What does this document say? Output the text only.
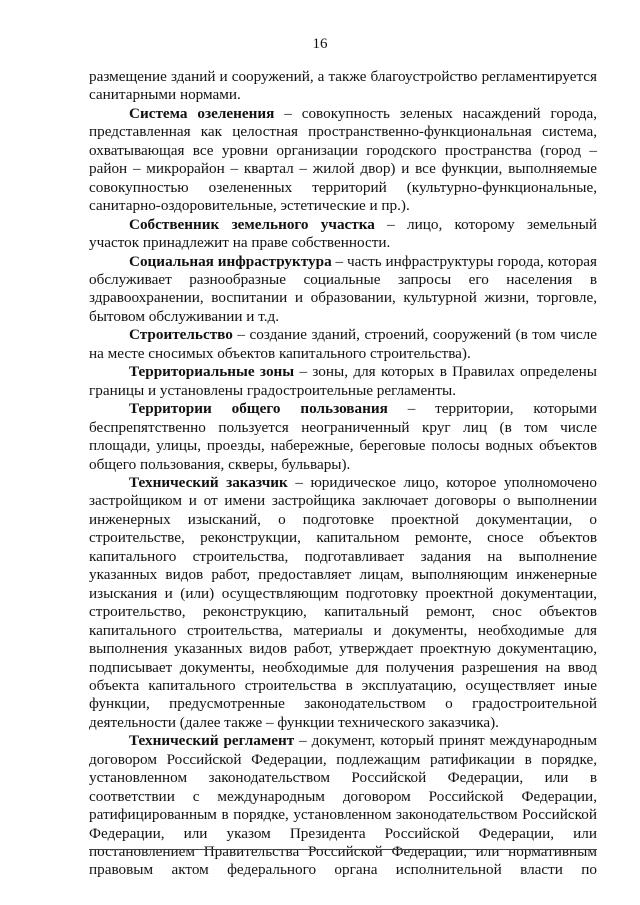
16

размещение зданий и сооружений, а также благоустройство регламентируется санитарными нормами.

Система озеленения – совокупность зеленых насаждений города, представленная как целостная пространственно-функциональная система, охватывающая все уровни организации городского пространства (город – район – микрорайон – квартал – жилой двор) и все функции, выполняемые совокупностью озелененных территорий (культурно-функциональные, санитарно-оздоровительные, эстетические и пр.).

Собственник земельного участка – лицо, которому земельный участок принадлежит на праве собственности.

Социальная инфраструктура – часть инфраструктуры города, которая обслуживает разнообразные социальные запросы его населения в здравоохранении, воспитании и образовании, культурной жизни, торговле, бытовом обслуживании и т.д.

Строительство – создание зданий, строений, сооружений (в том числе на месте сносимых объектов капитального строительства).

Территориальные зоны – зоны, для которых в Правилах определены границы и установлены градостроительные регламенты.

Территории общего пользования – территории, которыми беспрепятственно пользуется неограниченный круг лиц (в том числе площади, улицы, проезды, набережные, береговые полосы водных объектов общего пользования, скверы, бульвары).

Технический заказчик – юридическое лицо, которое уполномочено застройщиком и от имени застройщика заключает договоры о выполнении инженерных изысканий, о подготовке проектной документации, о строительстве, реконструкции, капитальном ремонте, сносе объектов капитального строительства, подготавливает задания на выполнение указанных видов работ, предоставляет лицам, выполняющим инженерные изыскания и (или) осуществляющим подготовку проектной документации, строительство, реконструкцию, капитальный ремонт, снос объектов капитального строительства, материалы и документы, необходимые для выполнения указанных видов работ, утверждает проектную документацию, подписывает документы, необходимые для получения разрешения на ввод объекта капитального строительства в эксплуатацию, осуществляет иные функции, предусмотренные законодательством о градостроительной деятельности (далее также – функции технического заказчика).

Технический регламент – документ, который принят международным договором Российской Федерации, подлежащим ратификации в порядке, установленном законодательством Российской Федерации, или в соответствии с международным договором Российской Федерации, ратифицированным в порядке, установленном законодательством Российской Федерации, или указом Президента Российской Федерации, или постановлением Правительства Российской Федерации, или нормативным правовым актом федерального органа исполнительной власти по
